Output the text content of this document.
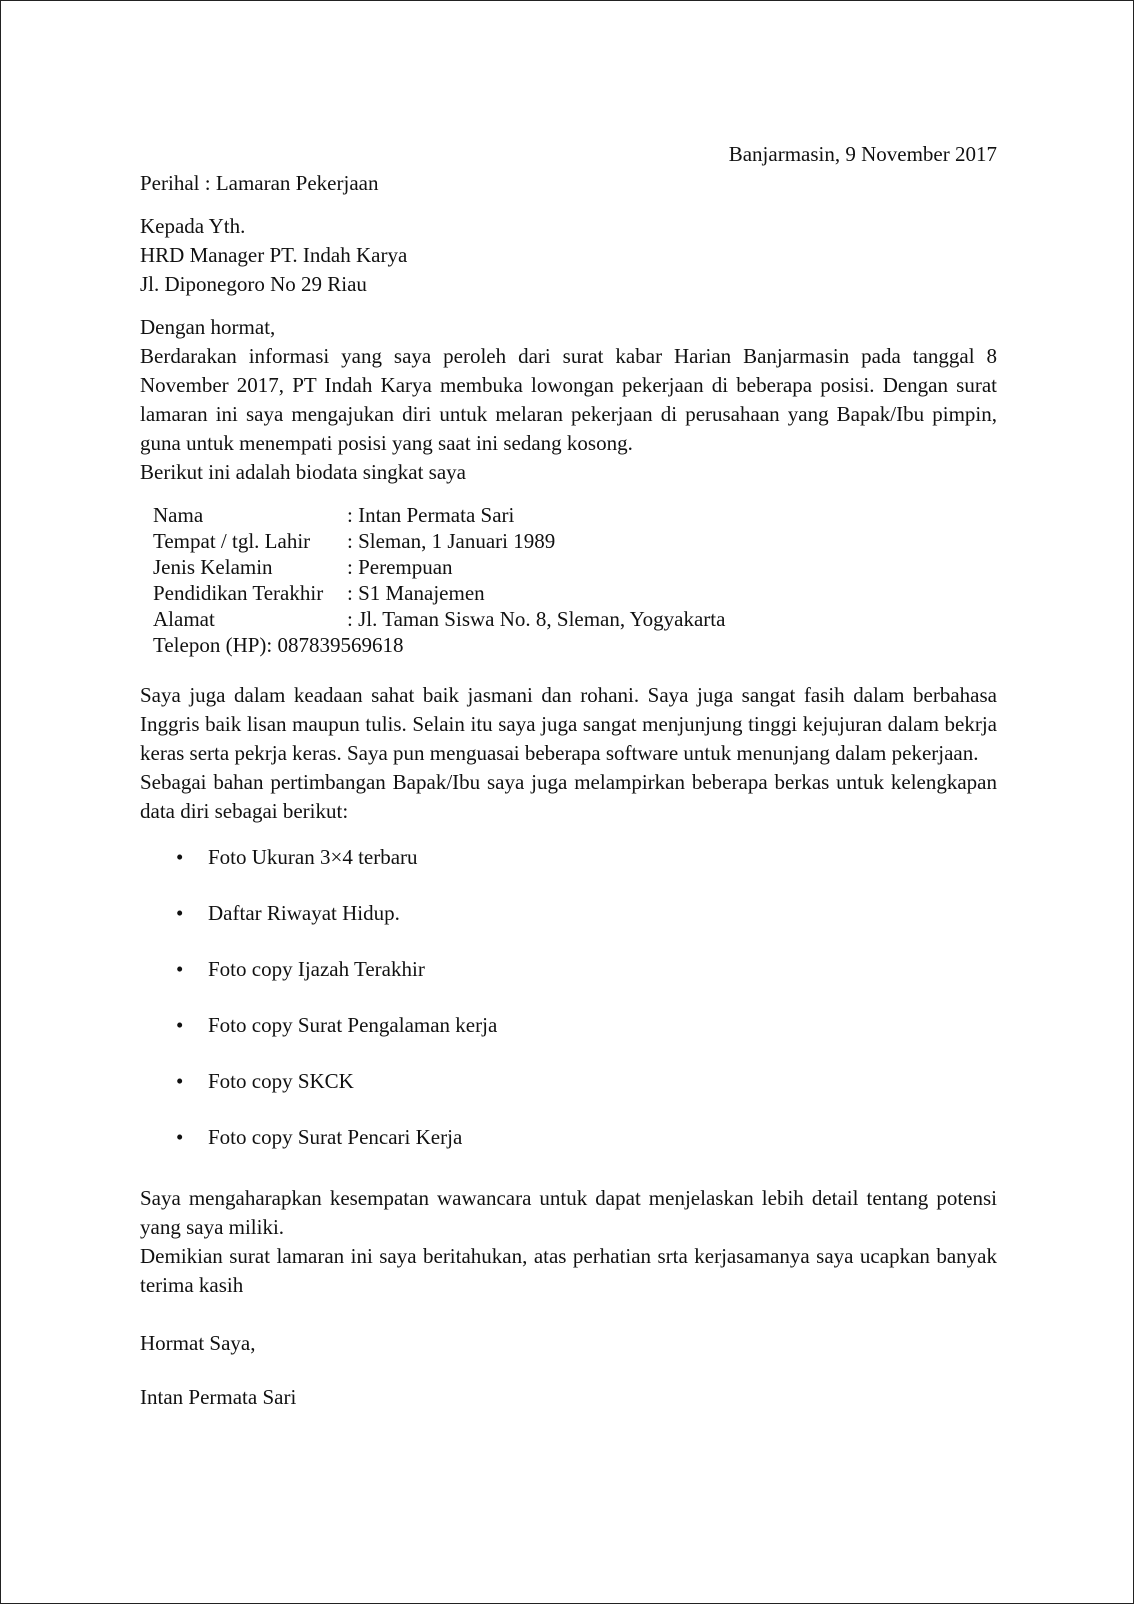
Banjarmasin, 9 November 2017

Perihal : Lamaran Pekerjaan

Kepada Yth.

HRD Manager PT. Indah Karya

Jl. Diponegoro No 29 Riau

Dengan hormat,

Berdarakan informasi yang saya peroleh dari surat kabar Harian Banjarmasin pada tanggal 8 November 2017, PT Indah Karya membuka lowongan pekerjaan di beberapa posisi. Dengan surat lamaran ini saya mengajukan diri untuk melaran pekerjaan di perusahaan yang Bapak/Ibu pimpin, guna untuk menempati posisi yang saat ini sedang kosong.

Berikut ini adalah biodata singkat saya

Nama	: Intan Permata Sari
Tempat / tgl. Lahir	: Sleman, 1 Januari 1989
Jenis Kelamin	: Perempuan
Pendidikan Terakhir	: S1 Manajemen
Alamat	: Jl. Taman Siswa No. 8, Sleman, Yogyakarta
Telepon (HP): 087839569618	

Saya juga dalam keadaan sahat baik jasmani dan rohani. Saya juga sangat fasih dalam berbahasa Inggris baik lisan maupun tulis. Selain itu saya juga sangat menjunjung tinggi kejujuran dalam bekrja keras serta pekrja keras. Saya pun menguasai beberapa software untuk menunjang dalam pekerjaan.

Sebagai bahan pertimbangan Bapak/Ibu saya juga melampirkan beberapa berkas untuk kelengkapan data diri sebagai berikut:

• Foto Ukuran 3×4 terbaru
• Daftar Riwayat Hidup.
• Foto copy Ijazah Terakhir
• Foto copy Surat Pengalaman kerja
• Foto copy SKCK
• Foto copy Surat Pencari Kerja

Saya mengaharapkan kesempatan wawancara untuk dapat menjelaskan lebih detail tentang potensi yang saya miliki.

Demikian surat lamaran ini saya beritahukan, atas perhatian srta kerjasamanya saya ucapkan banyak terima kasih

Hormat Saya,

Intan Permata Sari
